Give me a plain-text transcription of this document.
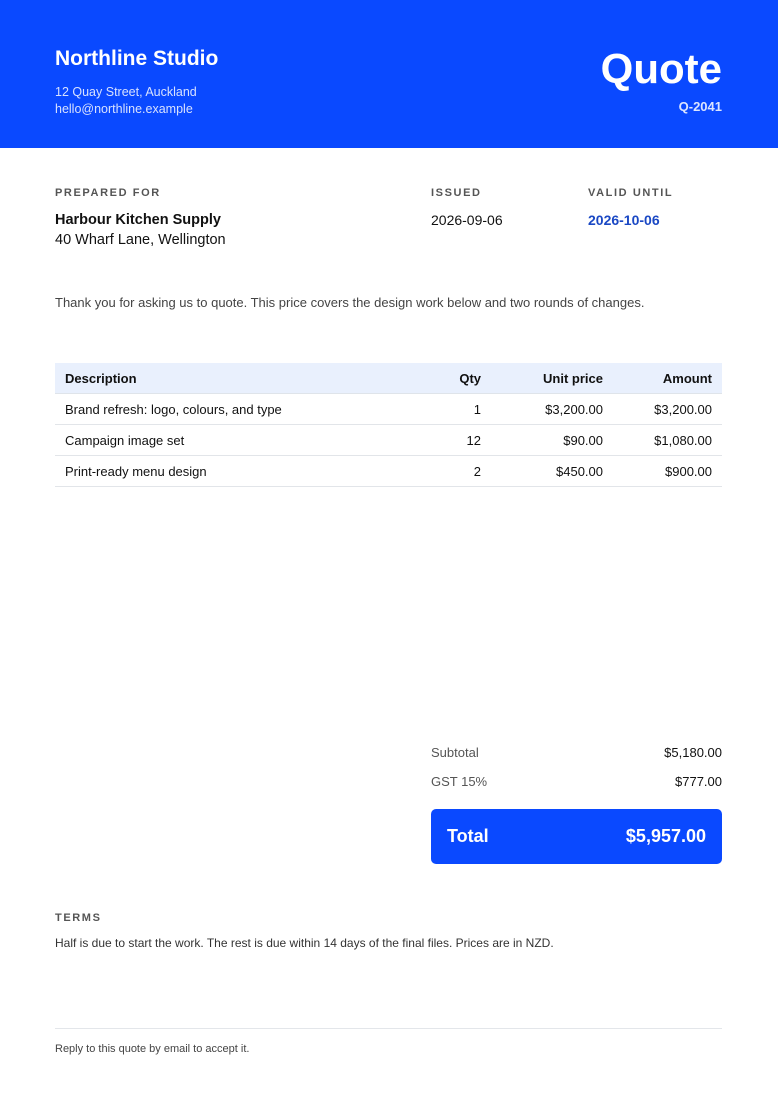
Northline Studio
12 Quay Street, Auckland
hello@northline.example
Quote
Q-2041
PREPARED FOR
Harbour Kitchen Supply
40 Wharf Lane, Wellington
ISSUED
2026-09-06
VALID UNTIL
2026-10-06
Thank you for asking us to quote. This price covers the design work below and two rounds of changes.
Description	Qty	Unit price	Amount
Brand refresh: logo, colours, and type	1	$3,200.00	$3,200.00
Campaign image set	12	$90.00	$1,080.00
Print-ready menu design	2	$450.00	$900.00
Subtotal	$5,180.00
GST 15%	$777.00
Total	$5,957.00
TERMS
Half is due to start the work. The rest is due within 14 days of the final files. Prices are in NZD.
Reply to this quote by email to accept it.
